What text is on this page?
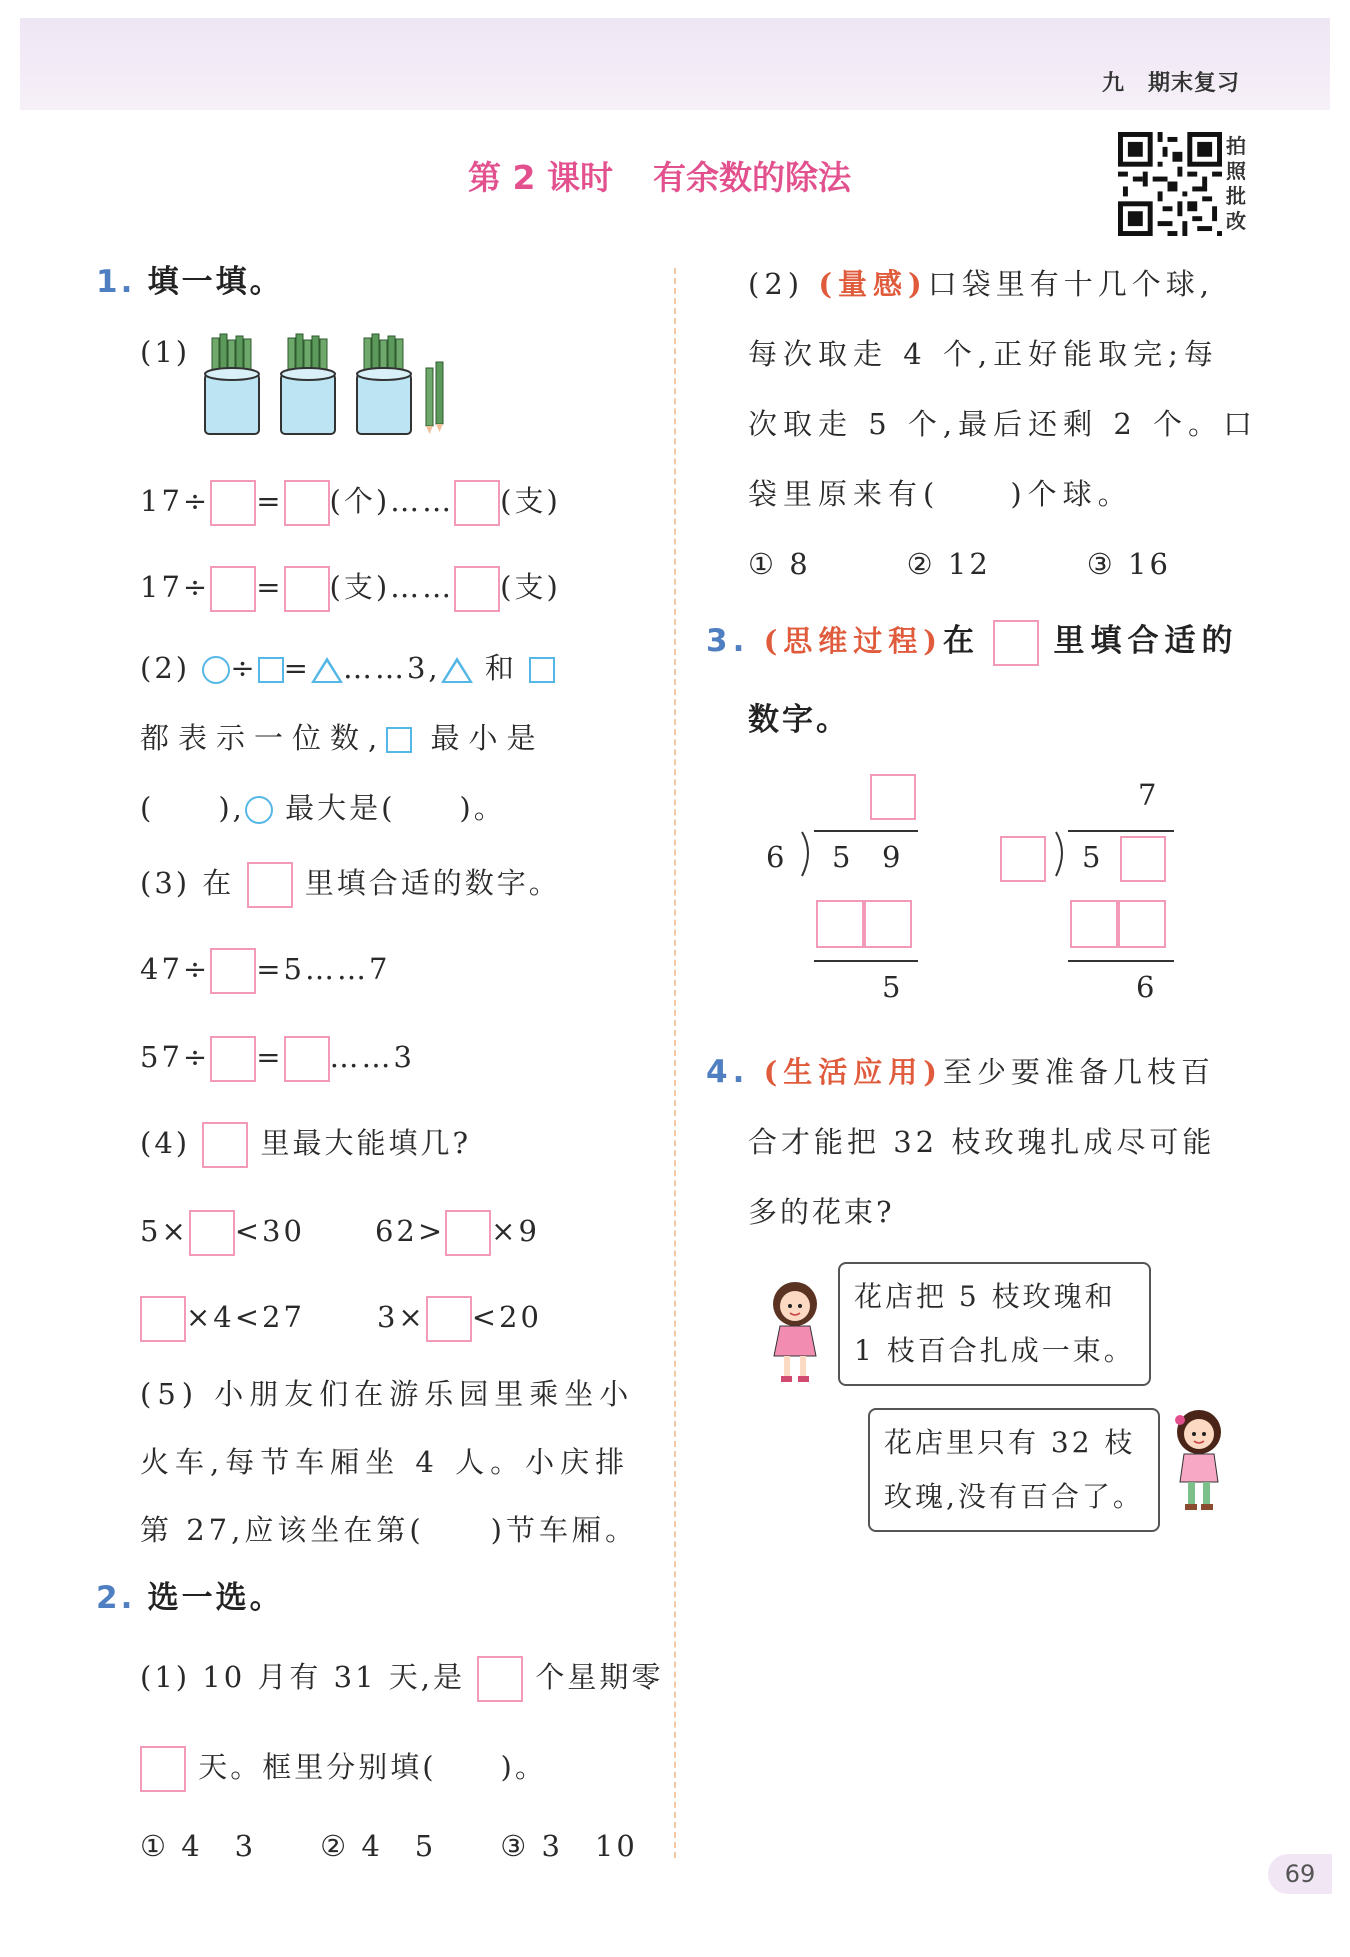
九　期末复习
第 2 课时 有余数的除法
拍照批改
1. 填一填。
(1)
17÷ = (个)…… (支)
17÷ = (支)…… (支)
(2) ÷ = ……3, 和
都表示一位数, 最小是
(　　), 最大是(　　)。
(3) 在 里填合适的数字。
47÷ =5……7
57÷ = ……3
(4) 里最大能填几?
5× <30 62> ×9
×4<27 3× <20
(5) 小朋友们在游乐园里乘坐小
火车,每节车厢坐 4 人。小庆排
第 27,应该坐在第(　　)节车厢。
2. 选一选。
(1) 10 月有 31 天,是 个星期零
天。框里分别填(　　)。
① 4　3　　② 4　5　　③ 3　10
(2) (量感)口袋里有十几个球,
每次取走 4 个,正好能取完;每
次取走 5 个,最后还剩 2 个。口
袋里原来有(　　)个球。
① 8　　　② 12　　　③ 16
3. (思维过程)在 里填合适的
数字。
6 5 9
5
7
5
6
4. (生活应用)至少要准备几枝百
合才能把 32 枝玫瑰扎成尽可能
多的花束?
花店把 5 枝玫瑰和
1 枝百合扎成一束。
花店里只有 32 枝
玫瑰,没有百合了。
69
